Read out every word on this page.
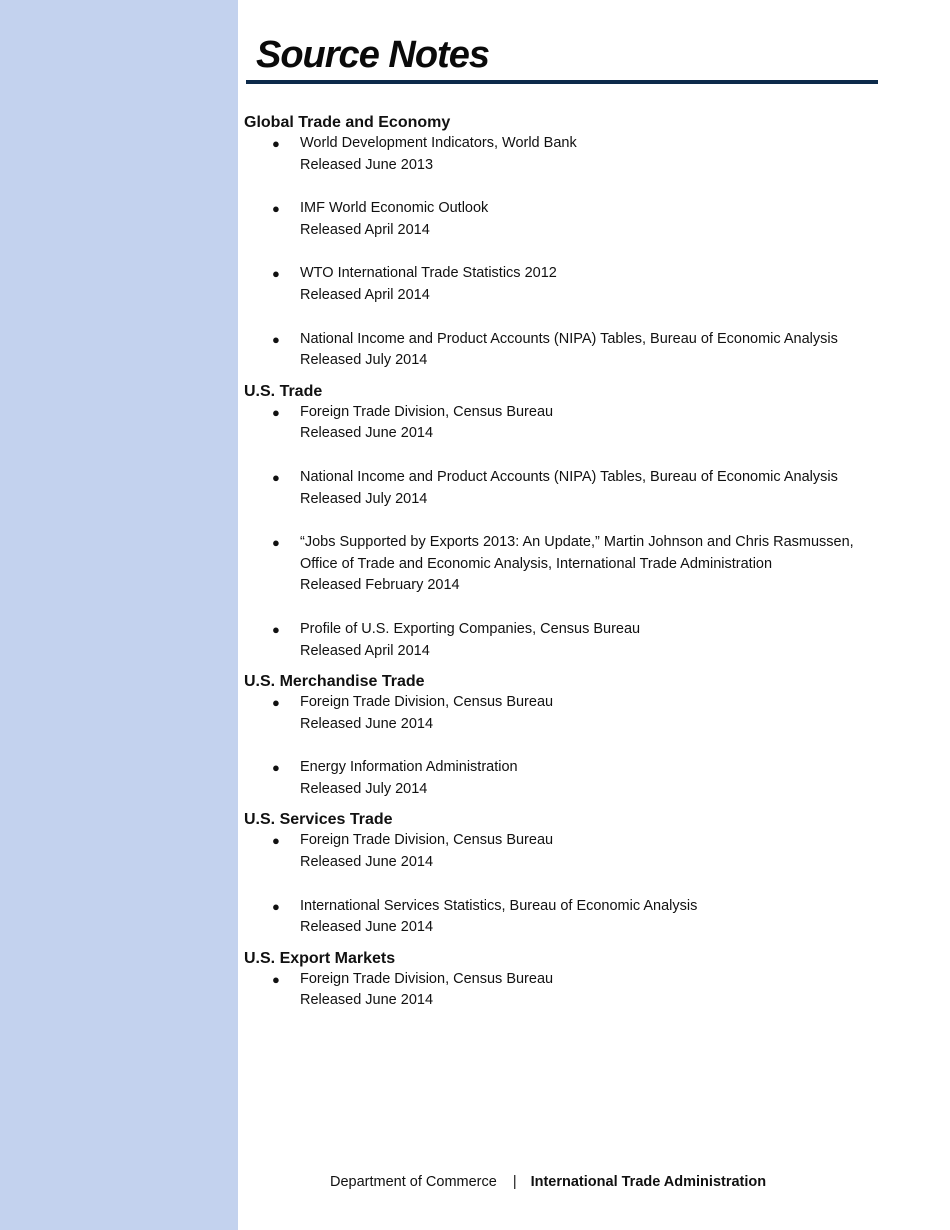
Source Notes
Global Trade and Economy
● World Development Indicators, World Bank
Released June 2013
● IMF World Economic Outlook
Released April 2014
● WTO International Trade Statistics 2012
Released April 2014
● National Income and Product Accounts (NIPA) Tables, Bureau of Economic Analysis
Released July 2014
U.S. Trade
● Foreign Trade Division, Census Bureau
Released June 2014
● National Income and Product Accounts (NIPA) Tables, Bureau of Economic Analysis
Released July 2014
● “Jobs Supported by Exports 2013: An Update,” Martin Johnson and Chris Rasmussen,
Office of Trade and Economic Analysis, International Trade Administration
Released February 2014
● Profile of U.S. Exporting Companies, Census Bureau
Released April 2014
U.S. Merchandise Trade
● Foreign Trade Division, Census Bureau
Released June 2014
● Energy Information Administration
Released July 2014
U.S. Services Trade
● Foreign Trade Division, Census Bureau
Released June 2014
● International Services Statistics, Bureau of Economic Analysis
Released June 2014
U.S. Export Markets
● Foreign Trade Division, Census Bureau
Released June 2014
Department of Commerce | International Trade Administration
